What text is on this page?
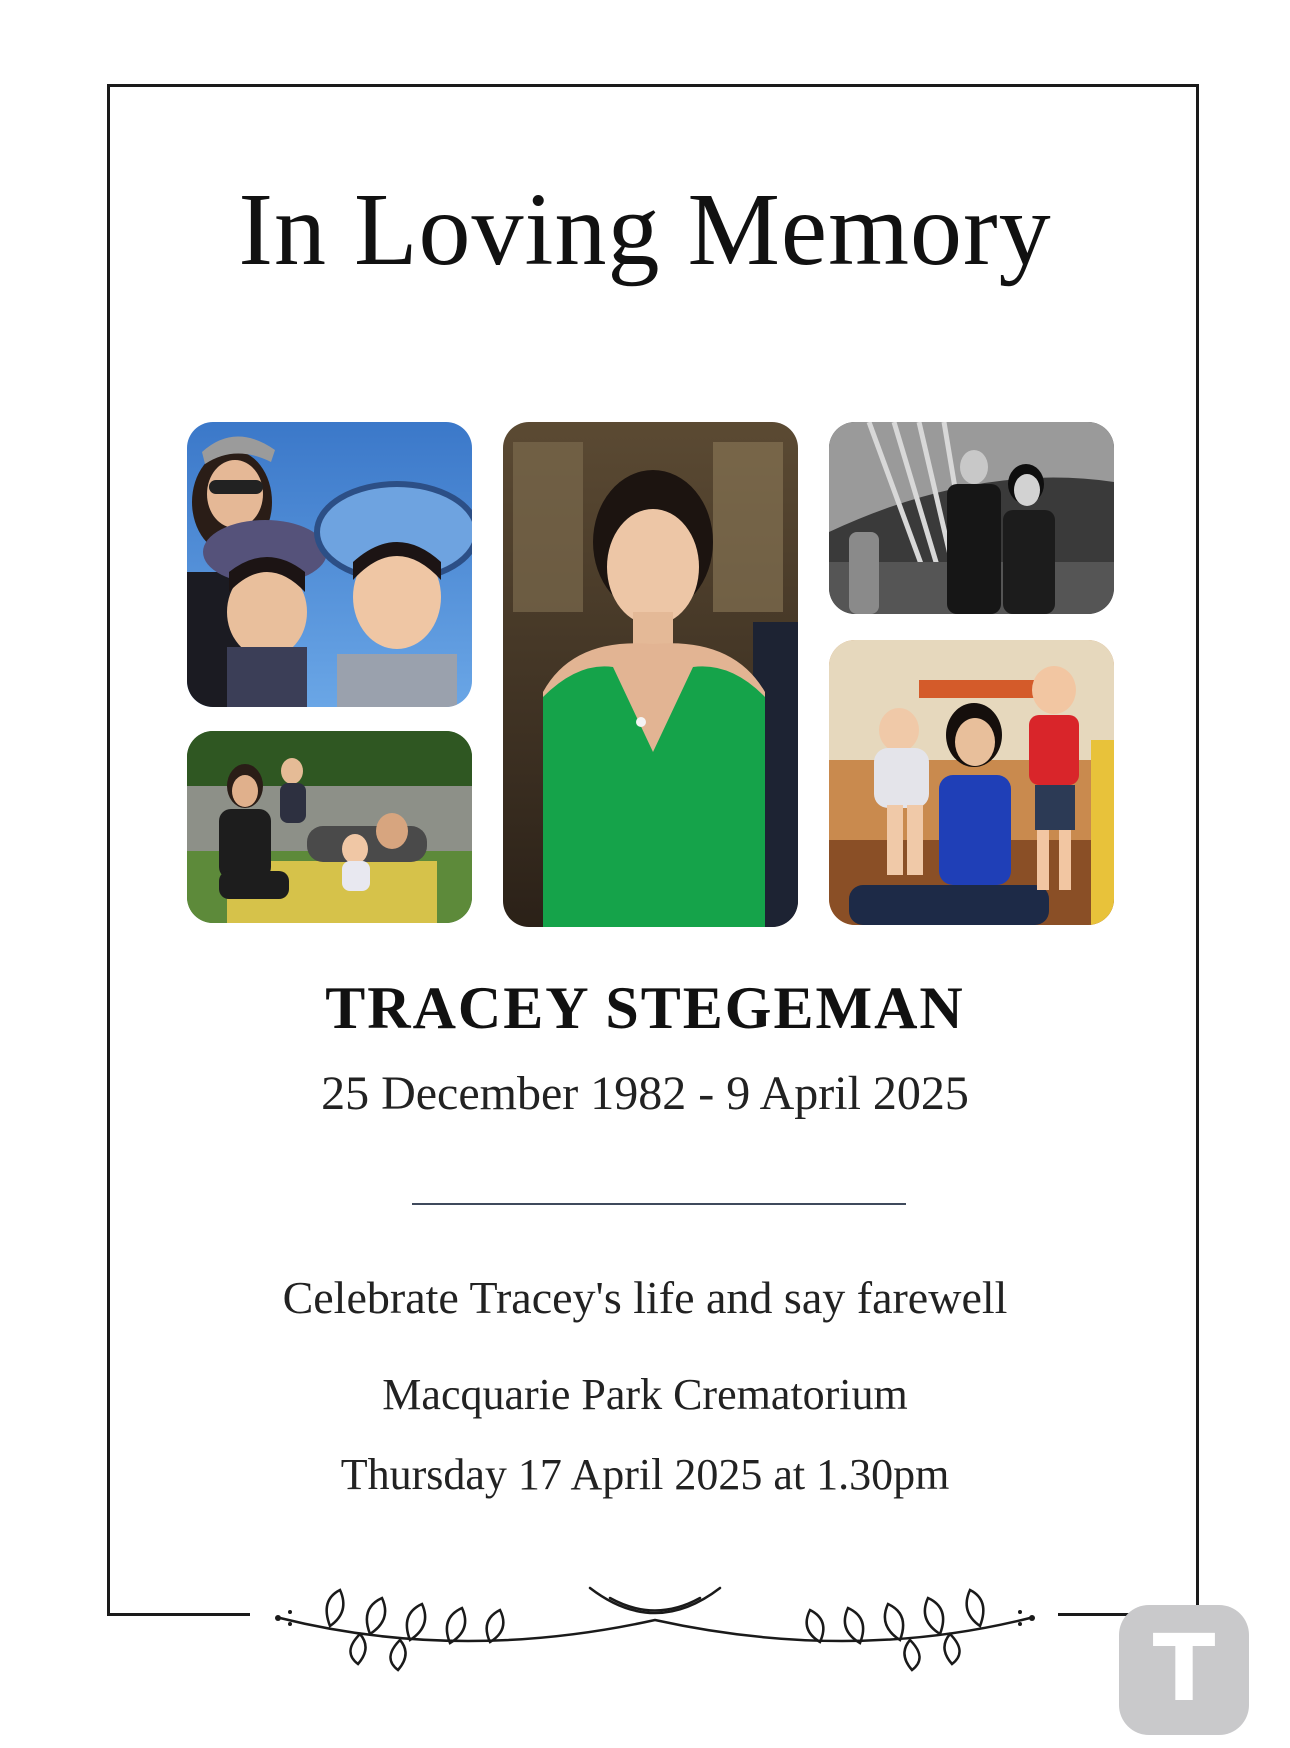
In Loving Memory
TRACEY STEGEMAN
25 December 1982 - 9 April 2025
Celebrate Tracey's life and say farewell
Macquarie Park Crematorium
Thursday 17 April 2025 at 1.30pm
T
